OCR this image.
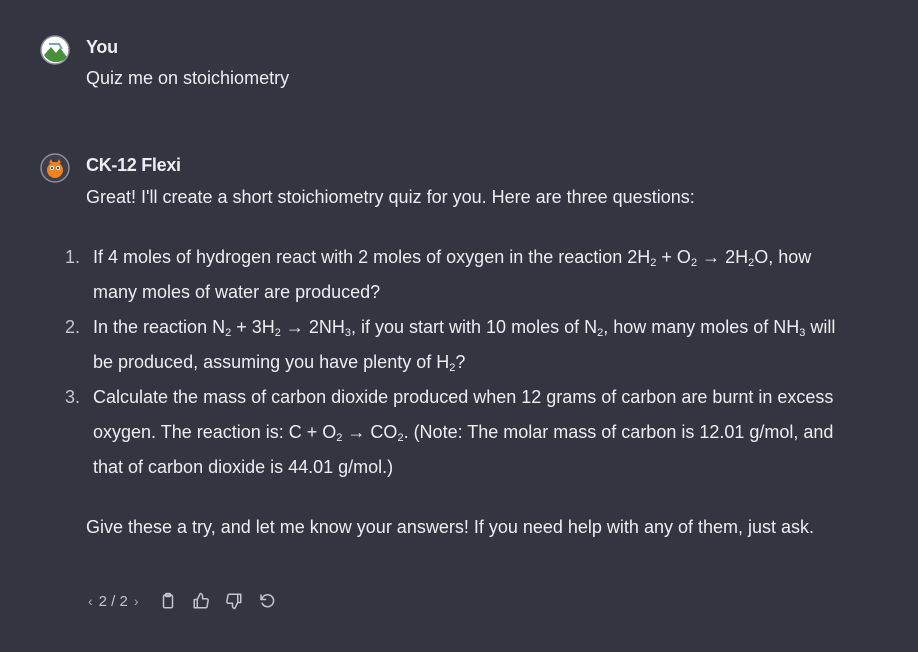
You
Quiz me on stoichiometry
CK-12 Flexi
Great! I'll create a short stoichiometry quiz for you. Here are three questions:
1. If 4 moles of hydrogen react with 2 moles of oxygen in the reaction $2H_2 + O_2 \to 2H_2O$, how many moles of water are produced?
2. In the reaction $N_2 + 3H_2 \to 2NH_3$, if you start with 10 moles of $N_2$, how many moles of $NH_3$ will be produced, assuming you have plenty of $H_2$?
3. Calculate the mass of carbon dioxide produced when 12 grams of carbon are burnt in excess oxygen. The reaction is: $C + O_2 \to CO_2$. (Note: The molar mass of carbon is 12.01 g/mol, and that of carbon dioxide is 44.01 g/mol.)
Give these a try, and let me know your answers! If you need help with any of them, just ask.
‹ 2 / 2 ›
